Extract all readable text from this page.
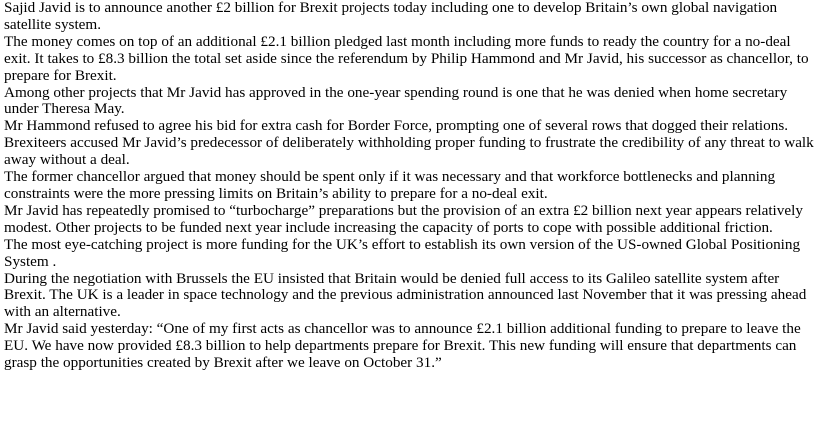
Sajid Javid is to announce another £2 billion for Brexit projects today including one to develop Britain’s own global navigation satellite system.

The money comes on top of an additional £2.1 billion pledged last month including more funds to ready the country for a no-deal exit. It takes to £8.3 billion the total set aside since the referendum by Philip Hammond and Mr Javid, his successor as chancellor, to prepare for Brexit.

Among other projects that Mr Javid has approved in the one-year spending round is one that he was denied when home secretary under Theresa May.

Mr Hammond refused to agree his bid for extra cash for Border Force, prompting one of several rows that dogged their relations. Brexiteers accused Mr Javid’s predecessor of deliberately withholding proper funding to frustrate the credibility of any threat to walk away without a deal.

The former chancellor argued that money should be spent only if it was necessary and that workforce bottlenecks and planning constraints were the more pressing limits on Britain’s ability to prepare for a no-deal exit.

Mr Javid has repeatedly promised to “turbocharge” preparations but the provision of an extra £2 billion next year appears relatively modest. Other projects to be funded next year include increasing the capacity of ports to cope with possible additional friction.

The most eye-catching project is more funding for the UK’s effort to establish its own version of the US-owned Global Positioning System .

During the negotiation with Brussels the EU insisted that Britain would be denied full access to its Galileo satellite system after Brexit. The UK is a leader in space technology and the previous administration announced last November that it was pressing ahead with an alternative.

Mr Javid said yesterday: “One of my first acts as chancellor was to announce £2.1 billion additional funding to prepare to leave the EU. We have now provided £8.3 billion to help departments prepare for Brexit. This new funding will ensure that departments can grasp the opportunities created by Brexit after we leave on October 31.”
